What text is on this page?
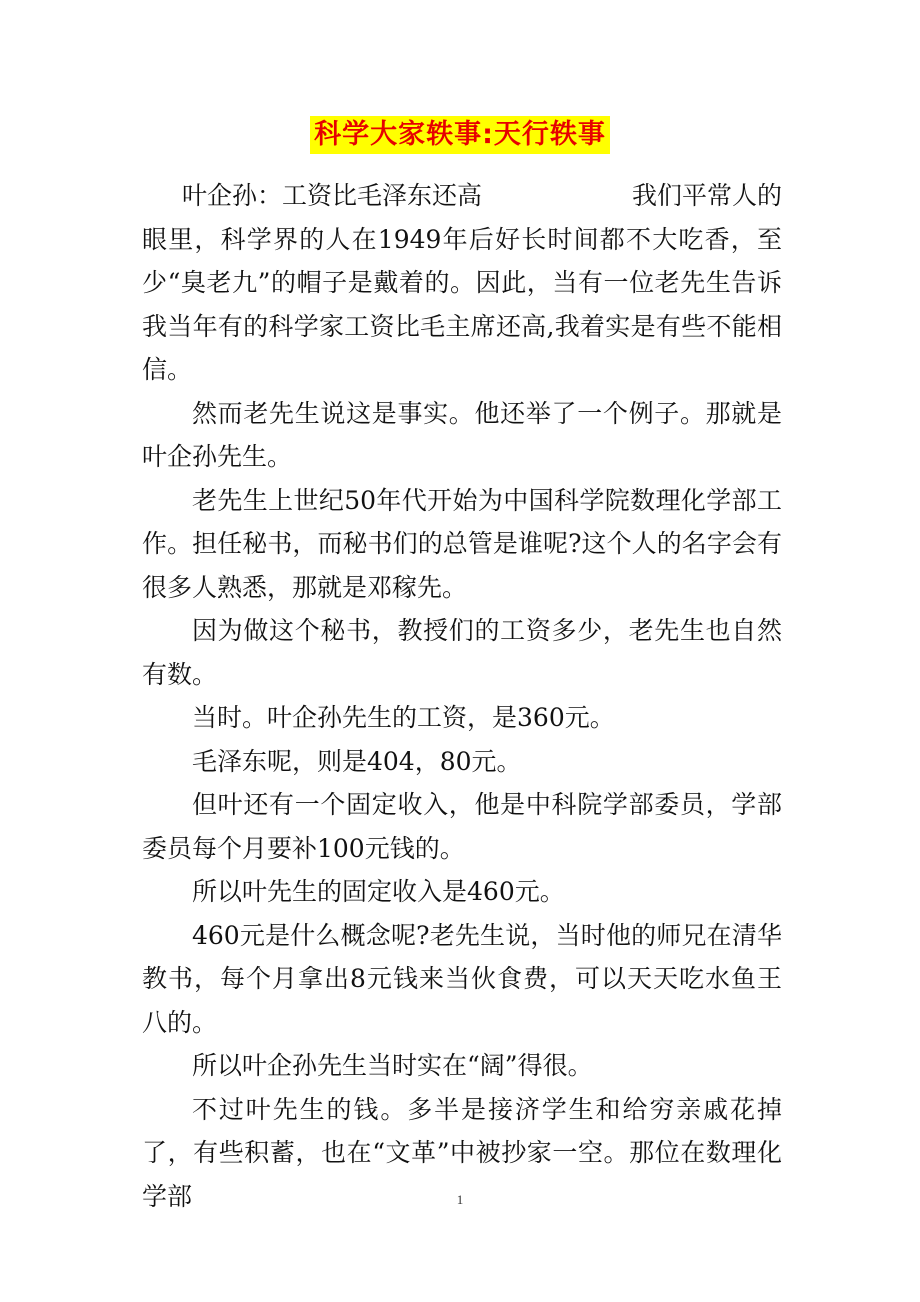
科学大家轶事:天行轶事
叶企孙：工资比毛泽东还高	我们平常人的

眼里，科学界的人在1949年后好长时间都不大吃香，至少“臭老九”的帽子是戴着的。因此，当有一位老先生告诉我当年有的科学家工资比毛主席还高,我着实是有些不能相信。

然而老先生说这是事实。他还举了一个例子。那就是叶企孙先生。

老先生上世纪50年代开始为中国科学院数理化学部工作。担任秘书，而秘书们的总管是谁呢?这个人的名字会有很多人熟悉，那就是邓稼先。

因为做这个秘书，教授们的工资多少，老先生也自然有数。

当时。叶企孙先生的工资，是360元。

毛泽东呢，则是404，80元。

但叶还有一个固定收入，他是中科院学部委员，学部委员每个月要补100元钱的。

所以叶先生的固定收入是460元。

460元是什么概念呢?老先生说，当时他的师兄在清华教书，每个月拿出8元钱来当伙食费，可以天天吃水鱼王八的。

所以叶企孙先生当时实在“阔”得很。

不过叶先生的钱。多半是接济学生和给穷亲戚花掉了，有些积蓄，也在“文革”中被抄家一空。那位在数理化学部	1
